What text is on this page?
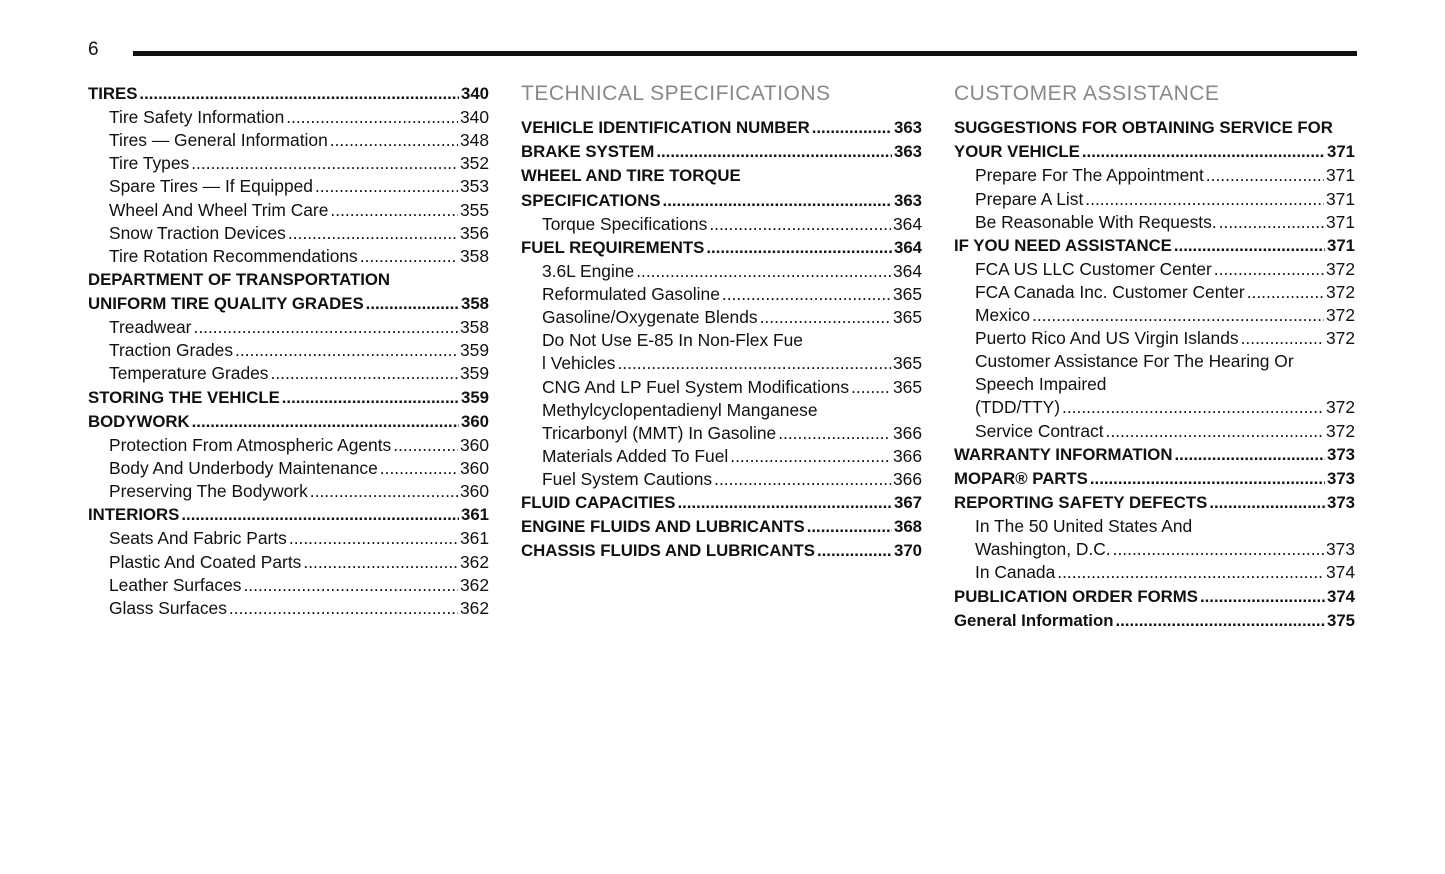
6
TIRES .....	340
Tire Safety Information .....	340
Tires — General Information .....	348
Tire Types .....	352
Spare Tires — If Equipped .....	353
Wheel And Wheel Trim Care .....	355
Snow Traction Devices .....	356
Tire Rotation Recommendations .....	358
DEPARTMENT OF TRANSPORTATION
UNIFORM TIRE QUALITY GRADES .....	358
Treadwear .....	358
Traction Grades .....	359
Temperature Grades .....	359
STORING THE VEHICLE .....	359
BODYWORK .....	360
Protection From Atmospheric Agents .....	360
Body And Underbody Maintenance .....	360
Preserving The Bodywork .....	360
INTERIORS .....	361
Seats And Fabric Parts .....	361
Plastic And Coated Parts .....	362
Leather Surfaces .....	362
Glass Surfaces .....	362
TECHNICAL SPECIFICATIONS
VEHICLE IDENTIFICATION NUMBER .....	363
BRAKE SYSTEM .....	363
WHEEL AND TIRE TORQUE
SPECIFICATIONS .....	363
Torque Specifications .....	364
FUEL REQUIREMENTS .....	364
3.6L Engine .....	364
Reformulated Gasoline .....	365
Gasoline/Oxygenate Blends .....	365
Do Not Use E-85 In Non-Flex Fue
l Vehicles .....	365
CNG And LP Fuel System Modifications .....	365
Methylcyclopentadienyl Manganese
Tricarbonyl (MMT) In Gasoline .....	366
Materials Added To Fuel .....	366
Fuel System Cautions .....	366
FLUID CAPACITIES .....	367
ENGINE FLUIDS AND LUBRICANTS .....	368
CHASSIS FLUIDS AND LUBRICANTS .....	370
CUSTOMER ASSISTANCE
SUGGESTIONS FOR OBTAINING SERVICE FOR
YOUR VEHICLE .....	371
Prepare For The Appointment .....	371
Prepare A List .....	371
Be Reasonable With Requests. .....	371
IF YOU NEED ASSISTANCE .....	371
FCA US LLC Customer Center .....	372
FCA Canada Inc. Customer Center .....	372
Mexico .....	372
Puerto Rico And US Virgin Islands .....	372
Customer Assistance For The Hearing Or
Speech Impaired
(TDD/TTY) .....	372
Service Contract .....	372
WARRANTY INFORMATION .....	373
MOPAR® PARTS .....	373
REPORTING SAFETY DEFECTS .....	373
In The 50 United States And
Washington, D.C. .....	373
In Canada .....	374
PUBLICATION ORDER FORMS .....	374
General Information .....	375
